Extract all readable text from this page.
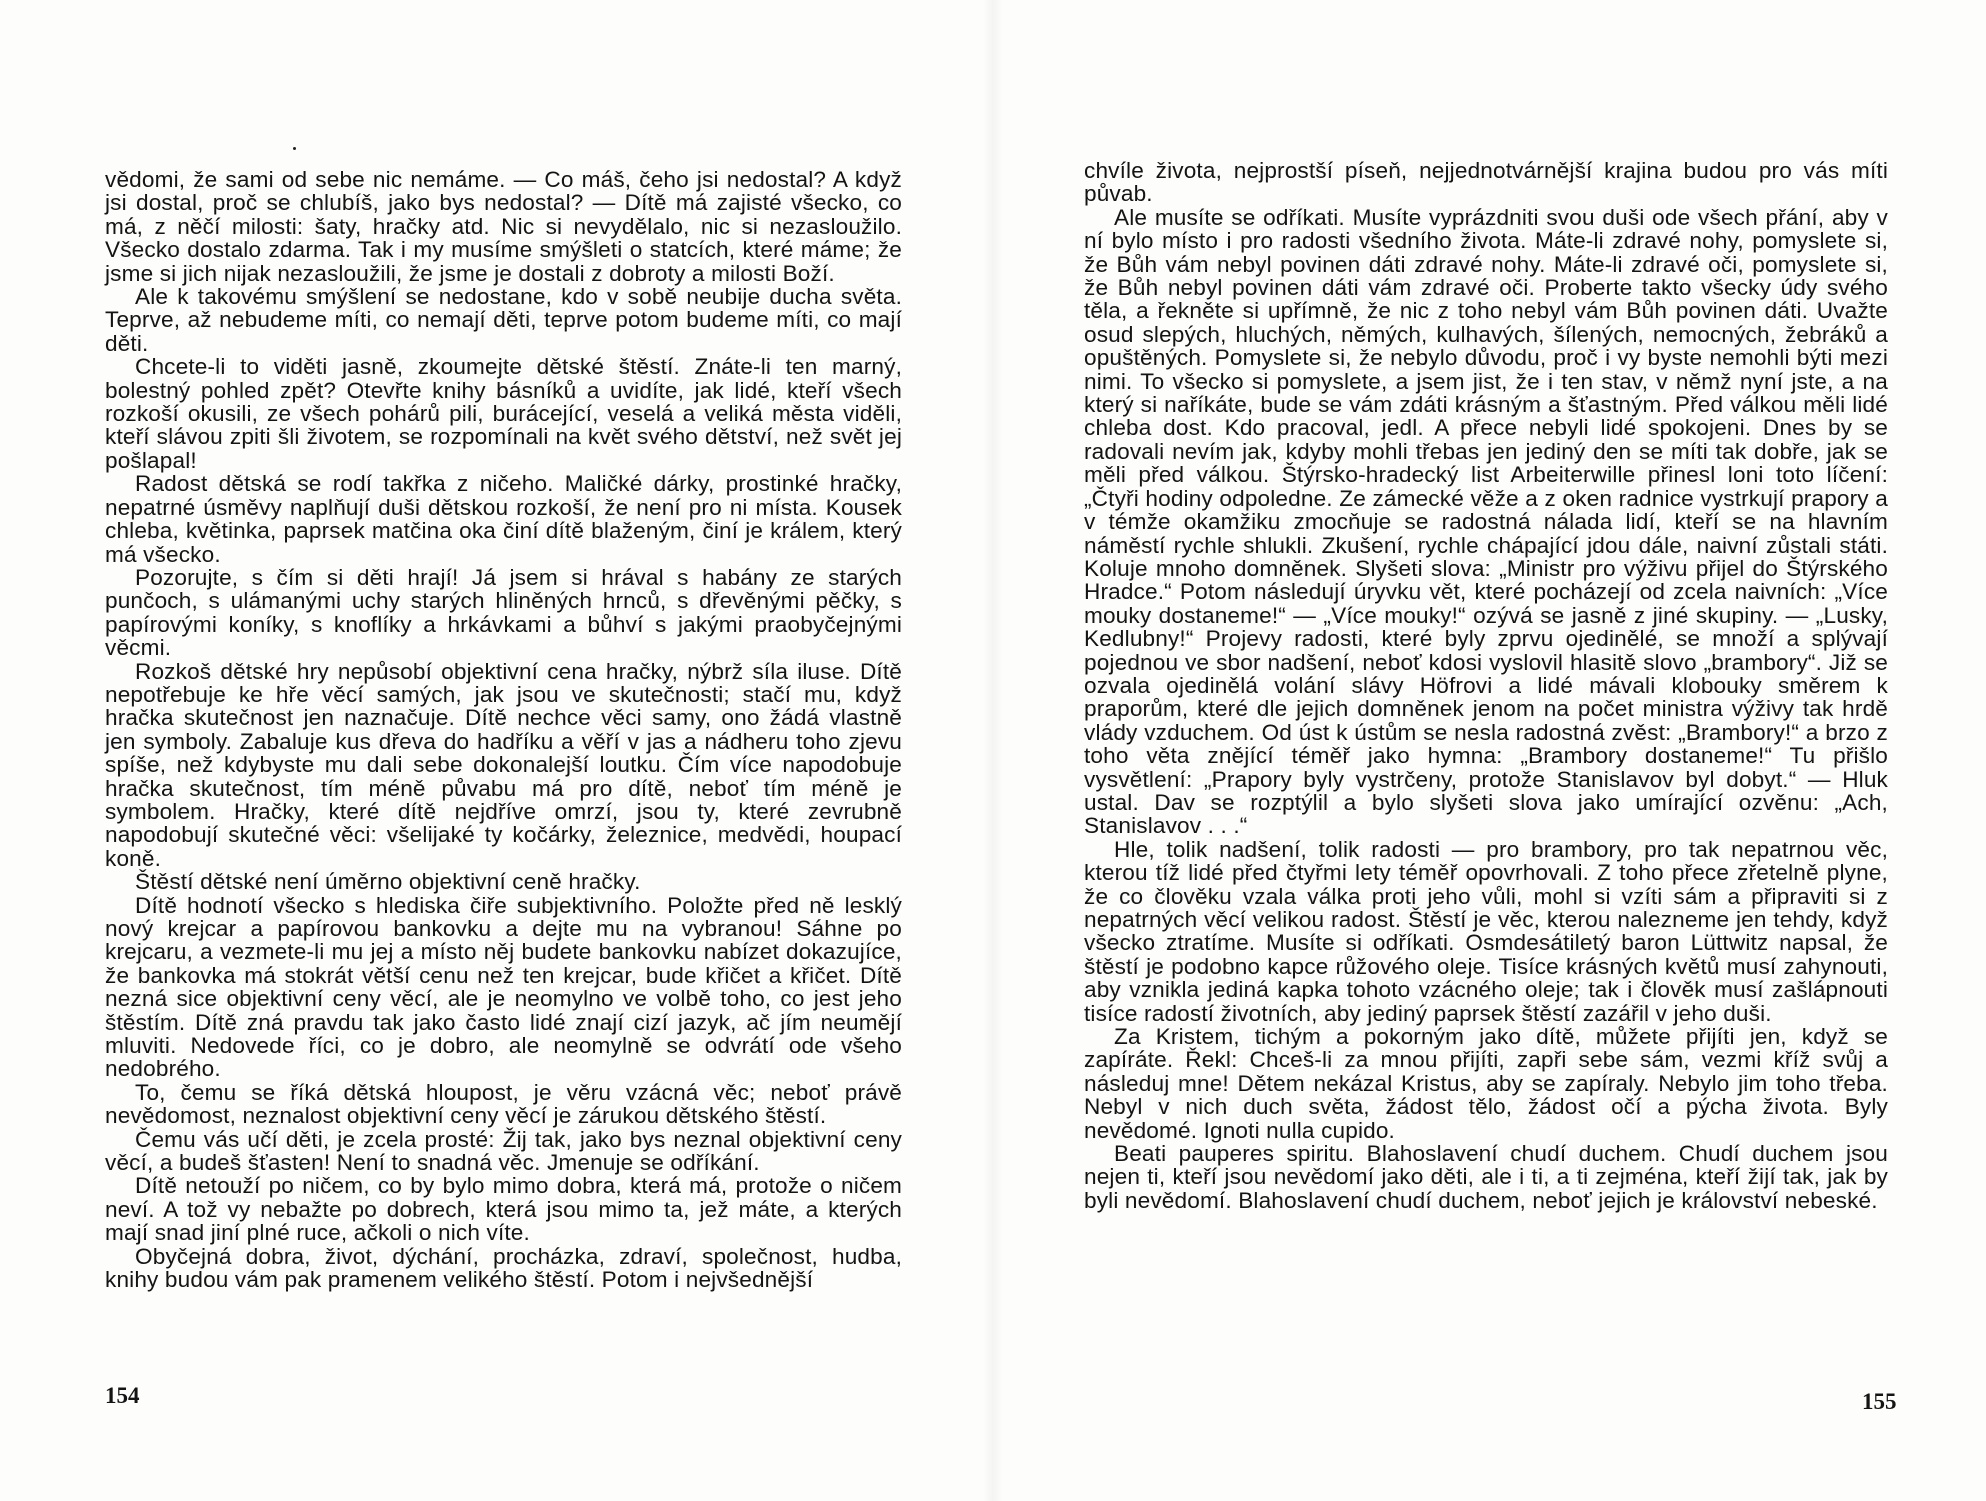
vědomi, že sami od sebe nic nemáme. — Co máš, čeho jsi nedostal? A když jsi dostal, proč se chlubíš, jako bys nedostal? — Dítě má zajisté všecko, co má, z něčí milosti: šaty, hračky atd. Nic si nevydělalo, nic si nezasloužilo. Všecko dostalo zdarma. Tak i my musíme smýšleti o statcích, které máme; že jsme si jich nijak nezasloužili, že jsme je dostali z dobroty a milosti Boží.

Ale k takovému smýšlení se nedostane, kdo v sobě neubije ducha světa. Teprve, až nebudeme míti, co nemají děti, teprve potom budeme míti, co mají děti.

Chcete-li to viděti jasně, zkoumejte dětské štěstí. Znáte-li ten marný, bolestný pohled zpět? Otevřte knihy básníků a uvidíte, jak lidé, kteří všech rozkoší okusili, ze všech pohárů pili, burácející, veselá a veliká města viděli, kteří slávou zpiti šli životem, se rozpomínali na květ svého dětství, než svět jej pošlapal!

Radost dětská se rodí takřka z ničeho. Maličké dárky, prostinké hračky, nepatrné úsměvy naplňují duši dětskou rozkoší, že není pro ni místa. Kousek chleba, květinka, paprsek matčina oka činí dítě blaženým, činí je králem, který má všecko.

Pozorujte, s čím si děti hrají! Já jsem si hrával s habány ze starých punčoch, s ulámanými uchy starých hliněných hrnců, s dřevěnými pěčky, s papírovými koníky, s knoflíky a hrkávkami a bůhví s jakými praobyčejnými věcmi.

Rozkoš dětské hry nepůsobí objektivní cena hračky, nýbrž síla iluse. Dítě nepotřebuje ke hře věcí samých, jak jsou ve skutečnosti; stačí mu, když hračka skutečnost jen naznačuje. Dítě nechce věci samy, ono žádá vlastně jen symboly. Zabaluje kus dřeva do hadříku a věří v jas a nádheru toho zjevu spíše, než kdybyste mu dali sebe dokonalejší loutku. Čím více napodobuje hračka skutečnost, tím méně půvabu má pro dítě, neboť tím méně je symbolem. Hračky, které dítě nejdříve omrzí, jsou ty, které zevrubně napodobují skutečné věci: všelijaké ty kočárky, železnice, medvědi, houpací koně.

Štěstí dětské není úměrno objektivní ceně hračky.

Dítě hodnotí všecko s hlediska čiře subjektivního. Položte před ně lesklý nový krejcar a papírovou bankovku a dejte mu na vybranou! Sáhne po krejcaru, a vezmete-li mu jej a místo něj budete bankovku nabízet dokazujíce, že bankovka má stokrát větší cenu než ten krejcar, bude křičet a křičet. Dítě nezná sice objektivní ceny věcí, ale je neomylno ve volbě toho, co jest jeho štěstím. Dítě zná pravdu tak jako často lidé znají cizí jazyk, ač jím neumějí mluviti. Nedovede říci, co je dobro, ale neomylně se odvrátí ode všeho nedobrého.

To, čemu se říká dětská hloupost, je věru vzácná věc; neboť právě nevědomost, neznalost objektivní ceny věcí je zárukou dětského štěstí.

Čemu vás učí děti, je zcela prosté: Žij tak, jako bys neznal objektivní ceny věcí, a budeš šťasten! Není to snadná věc. Jmenuje se odříkání.

Dítě netouží po ničem, co by bylo mimo dobra, která má, protože o ničem neví. A tož vy nebažte po dobrech, která jsou mimo ta, jež máte, a kterých mají snad jiní plné ruce, ačkoli o nich víte.

Obyčejná dobra, život, dýchání, procházka, zdraví, společnost, hudba, knihy budou vám pak pramenem velikého štěstí. Potom i nejvšednější

154

chvíle života, nejprostší píseň, nejjednotvárnější krajina budou pro vás míti půvab.

Ale musíte se odříkati. Musíte vyprázdniti svou duši ode všech přání, aby v ní bylo místo i pro radosti všedního života. Máte-li zdravé nohy, pomyslete si, že Bůh vám nebyl povinen dáti zdravé nohy. Máte-li zdravé oči, pomyslete si, že Bůh nebyl povinen dáti vám zdravé oči. Proberte takto všecky údy svého těla, a řekněte si upřímně, že nic z toho nebyl vám Bůh povinen dáti. Uvažte osud slepých, hluchých, němých, kulhavých, šílených, nemocných, žebráků a opuštěných. Pomyslete si, že nebylo důvodu, proč i vy byste nemohli býti mezi nimi. To všecko si pomyslete, a jsem jist, že i ten stav, v němž nyní jste, a na který si naříkáte, bude se vám zdáti krásným a šťastným. Před válkou měli lidé chleba dost. Kdo pracoval, jedl. A přece nebyli lidé spokojeni. Dnes by se radovali nevím jak, kdyby mohli třebas jen jediný den se míti tak dobře, jak se měli před válkou. Štýrsko-hradecký list Arbeiterwille přinesl loni toto líčení: „Čtyři hodiny odpoledne. Ze zámecké věže a z oken radnice vystrkují prapory a v témže okamžiku zmocňuje se radostná nálada lidí, kteří se na hlavním náměstí rychle shlukli. Zkušení, rychle chápající jdou dále, naivní zůstali státi. Koluje mnoho domněnek. Slyšeti slova: „Ministr pro výživu přijel do Štýrského Hradce.“ Potom následují úryvku vět, které pocházejí od zcela naivních: „Více mouky dostaneme!“ — „Více mouky!“ ozývá se jasně z jiné skupiny. — „Lusky, Kedlubny!“ Projevy radosti, které byly zprvu ojedinělé, se množí a splývají pojednou ve sbor nadšení, neboť kdosi vyslovil hlasitě slovo „brambory“. Již se ozvala ojedinělá volání slávy Höfrovi a lidé mávali klobouky směrem k praporům, které dle jejich domněnek jenom na počet ministra výživy tak hrdě vlády vzduchem. Od úst k ústům se nesla radostná zvěst: „Brambory!“ a brzo z toho věta znějící téměř jako hymna: „Brambory dostaneme!“ Tu přišlo vysvětlení: „Prapory byly vystrčeny, protože Stanislavov byl dobyt.“ — Hluk ustal. Dav se rozptýlil a bylo slyšeti slova jako umírající ozvěnu: „Ach, Stanislavov . . .“

Hle, tolik nadšení, tolik radosti — pro brambory, pro tak nepatrnou věc, kterou tíž lidé před čtyřmi lety téměř opovrhovali. Z toho přece zřetelně plyne, že co člověku vzala válka proti jeho vůli, mohl si vzíti sám a připraviti si z nepatrných věcí velikou radost. Štěstí je věc, kterou nalezneme jen tehdy, když všecko ztratíme. Musíte si odříkati. Osmdesátiletý baron Lüttwitz napsal, že štěstí je podobno kapce růžového oleje. Tisíce krásných květů musí zahynouti, aby vznikla jediná kapka tohoto vzácného oleje; tak i člověk musí zašlápnouti tisíce radostí životních, aby jediný paprsek štěstí zazářil v jeho duši.

Za Kristem, tichým a pokorným jako dítě, můžete přijíti jen, když se zapíráte. Řekl: Chceš-li za mnou přijíti, zapři sebe sám, vezmi kříž svůj a následuj mne! Dětem nekázal Kristus, aby se zapíraly. Nebylo jim toho třeba. Nebyl v nich duch světa, žádost tělo, žádost očí a pýcha života. Byly nevědomé. Ignoti nulla cupido.

Beati pauperes spiritu. Blahoslavení chudí duchem. Chudí duchem jsou nejen ti, kteří jsou nevědomí jako děti, ale i ti, a ti zejména, kteří žijí tak, jak by byli nevědomí. Blahoslavení chudí duchem, neboť jejich je království nebeské.

155
